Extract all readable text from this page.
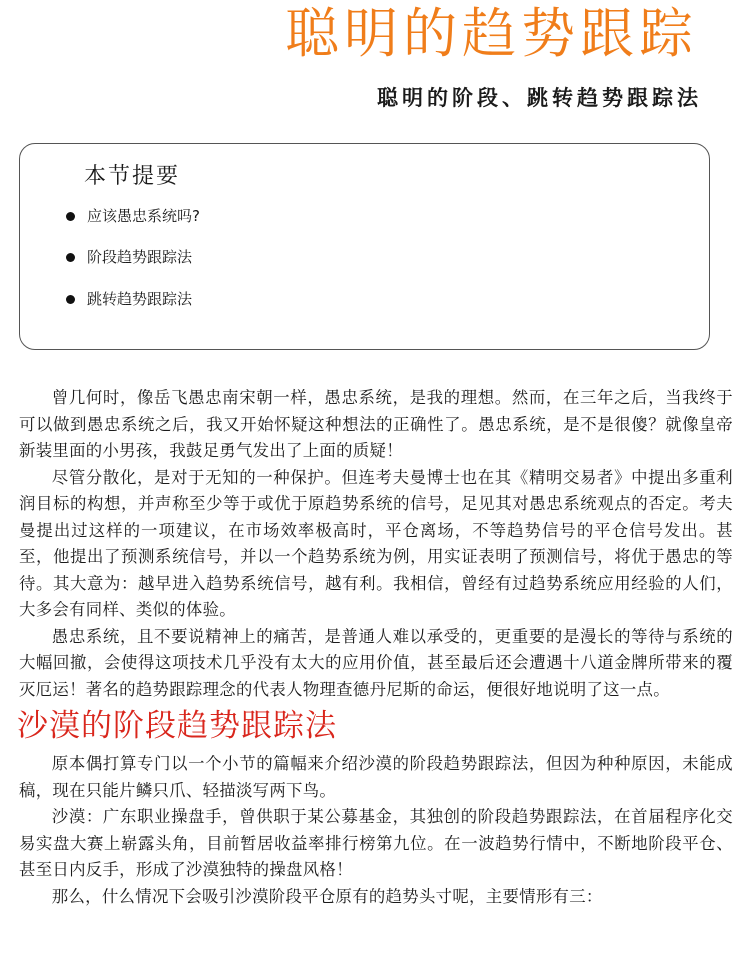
聪明的趋势跟踪
聪明的阶段、跳转趋势跟踪法
本节提要
应该愚忠系统吗?
阶段趋势跟踪法
跳转趋势跟踪法

曾几何时，像岳飞愚忠南宋朝一样，愚忠系统，是我的理想。然而，在三年之后，当我终于可以做到愚忠系统之后，我又开始怀疑这种想法的正确性了。愚忠系统，是不是很傻？就像皇帝新装里面的小男孩，我鼓足勇气发出了上面的质疑！

尽管分散化，是对于无知的一种保护。但连考夫曼博士也在其《精明交易者》中提出多重利润目标的构想，并声称至少等于或优于原趋势系统的信号，足见其对愚忠系统观点的否定。考夫曼提出过这样的一项建议，在市场效率极高时，平仓离场，不等趋势信号的平仓信号发出。甚至，他提出了预测系统信号，并以一个趋势系统为例，用实证表明了预测信号，将优于愚忠的等待。其大意为：越早进入趋势系统信号，越有利。我相信，曾经有过趋势系统应用经验的人们，大多会有同样、类似的体验。

愚忠系统，且不要说精神上的痛苦，是普通人难以承受的，更重要的是漫长的等待与系统的大幅回撤，会使得这项技术几乎没有太大的应用价值，甚至最后还会遭遇十八道金牌所带来的覆灭厄运！著名的趋势跟踪理念的代表人物理查德丹尼斯的命运，便很好地说明了这一点。

沙漠的阶段趋势跟踪法

原本偶打算专门以一个小节的篇幅来介绍沙漠的阶段趋势跟踪法，但因为种种原因，未能成稿，现在只能片鳞只爪、轻描淡写两下鸟。

沙漠：广东职业操盘手，曾供职于某公募基金，其独创的阶段趋势跟踪法，在首届程序化交易实盘大赛上崭露头角，目前暂居收益率排行榜第九位。在一波趋势行情中，不断地阶段平仓、甚至日内反手，形成了沙漠独特的操盘风格！

那么，什么情况下会吸引沙漠阶段平仓原有的趋势头寸呢，主要情形有三：
